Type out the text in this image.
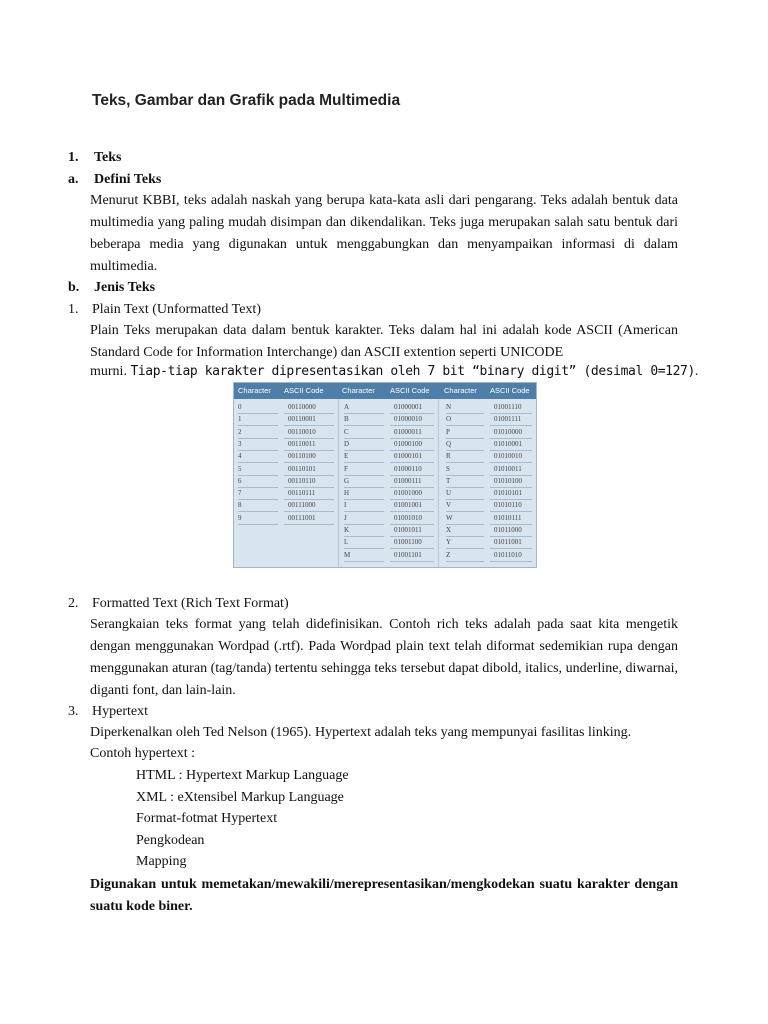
Teks, Gambar dan Grafik pada Multimedia
1. Teks
a. Defini Teks
Menurut KBBI, teks adalah naskah yang berupa kata-kata asli dari pengarang. Teks adalah bentuk data multimedia yang paling mudah disimpan dan dikendalikan. Teks juga merupakan salah satu bentuk dari beberapa media yang digunakan untuk menggabungkan dan menyampaikan informasi di dalam multimedia.
b. Jenis Teks
1. Plain Text (Unformatted Text)
Plain Teks merupakan data dalam bentuk karakter. Teks dalam hal ini adalah kode ASCII (American Standard Code for Information Interchange) dan ASCII extention seperti UNICODE
murni. Tiap-tiap karakter dipresentasikan oleh 7 bit “binary digit” (desimal 0=127).
Character ASCII Code Character ASCII Code Character ASCII Code
0	00110000
1	00110001
2	00110010
3	00110011
4	00110100
5	00110101
6	00110110
7	00110111
8	00111000
9	00111001
A	01000001
B	01000010
C	01000011
D	01000100
E	01000101
F	01000110
G	01000111
H	01001000
I	01001001
J	01001010
K	01001011
L	01001100
M	01001101
N	01001110
O	01001111
P	01010000
Q	01010001
R	01010010
S	01010011
T	01010100
U	01010101
V	01010110
W	01010111
X	01011000
Y	01011001
Z	01011010
2. Formatted Text (Rich Text Format)
Serangkaian teks format yang telah didefinisikan. Contoh rich teks adalah pada saat kita mengetik dengan menggunakan Wordpad (.rtf). Pada Wordpad plain text telah diformat sedemikian rupa dengan menggunakan aturan (tag/tanda) tertentu sehingga teks tersebut dapat dibold, italics, underline, diwarnai, diganti font, dan lain-lain.
3. Hypertext
Diperkenalkan oleh Ted Nelson (1965). Hypertext adalah teks yang mempunyai fasilitas linking.
Contoh hypertext :
HTML : Hypertext Markup Language
XML : eXtensibel Markup Language
Format-fotmat Hypertext
Pengkodean
Mapping
Digunakan untuk memetakan/mewakili/merepresentasikan/mengkodekan suatu karakter dengan suatu kode biner.
